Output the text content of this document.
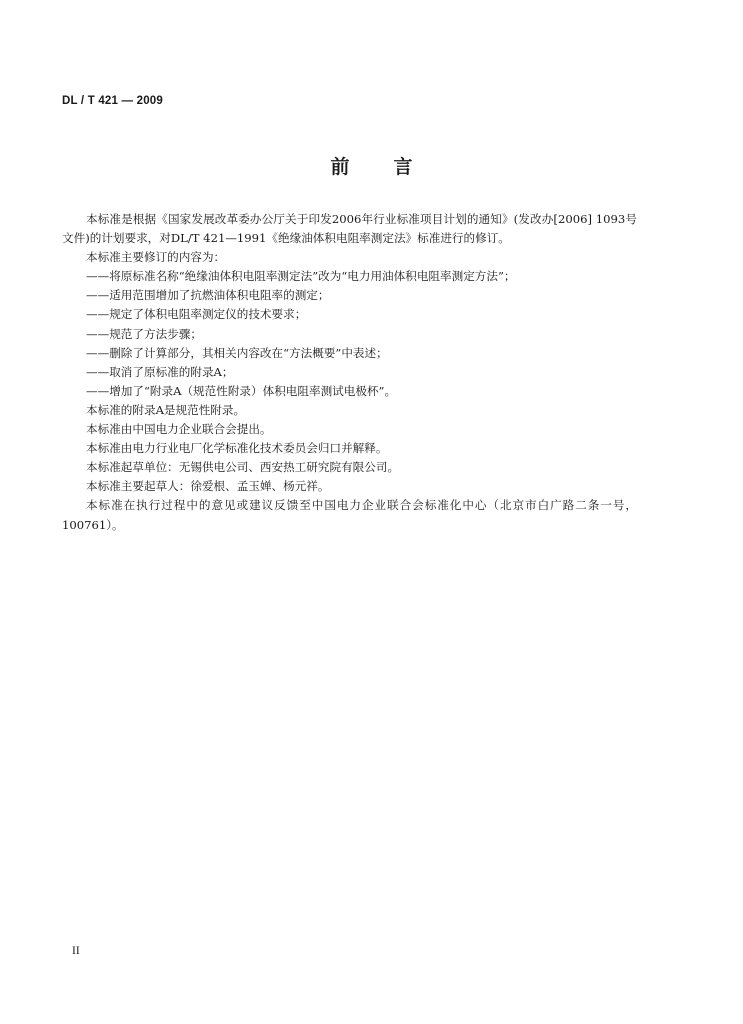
DL / T 421 — 2009
前言

本标准是根据《国家发展改革委办公厅关于印发2006年行业标准项目计划的通知》(发改办[2006] 1093号文件)的计划要求，对DL/T 421—1991《绝缘油体积电阻率测定法》标准进行的修订。

本标准主要修订的内容为：

——将原标准名称“绝缘油体积电阻率测定法”改为“电力用油体积电阻率测定方法”；

——适用范围增加了抗燃油体积电阻率的测定；

——规定了体积电阻率测定仪的技术要求；

——规范了方法步骤；

——删除了计算部分，其相关内容改在“方法概要”中表述；

——取消了原标准的附录A；

——增加了“附录A（规范性附录）体积电阻率测试电极杯”。

本标准的附录A是规范性附录。

本标准由中国电力企业联合会提出。

本标准由电力行业电厂化学标准化技术委员会归口并解释。

本标准起草单位：无锡供电公司、西安热工研究院有限公司。

本标准主要起草人：徐爱根、孟玉婵、杨元祥。

本标准在执行过程中的意见或建议反馈至中国电力企业联合会标准化中心（北京市白广路二条一号，100761）。

II
